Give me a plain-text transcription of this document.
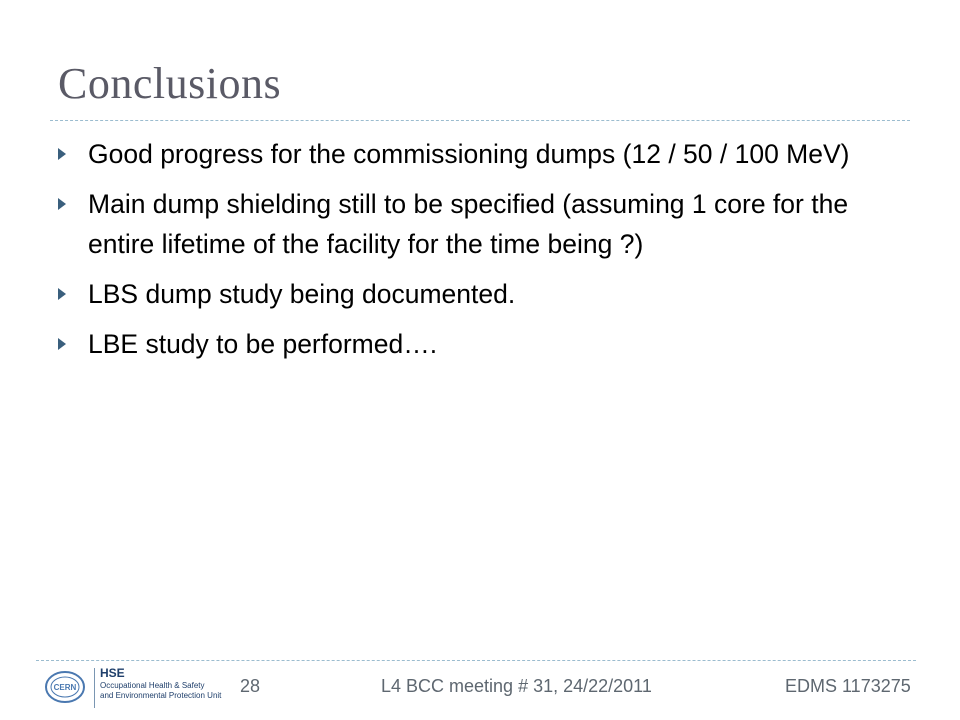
Conclusions
Good progress for the commissioning dumps (12 / 50 / 100 MeV)
Main dump shielding still to be specified (assuming 1 core for the entire lifetime of the facility for the time being ?)
LBS dump study being documented.
LBE study to be performed….
CERN
HSE
Occupational Health & Safety
and Environmental Protection Unit 28	L4 BCC meeting # 31, 24/22/2011	EDMS 1173275
